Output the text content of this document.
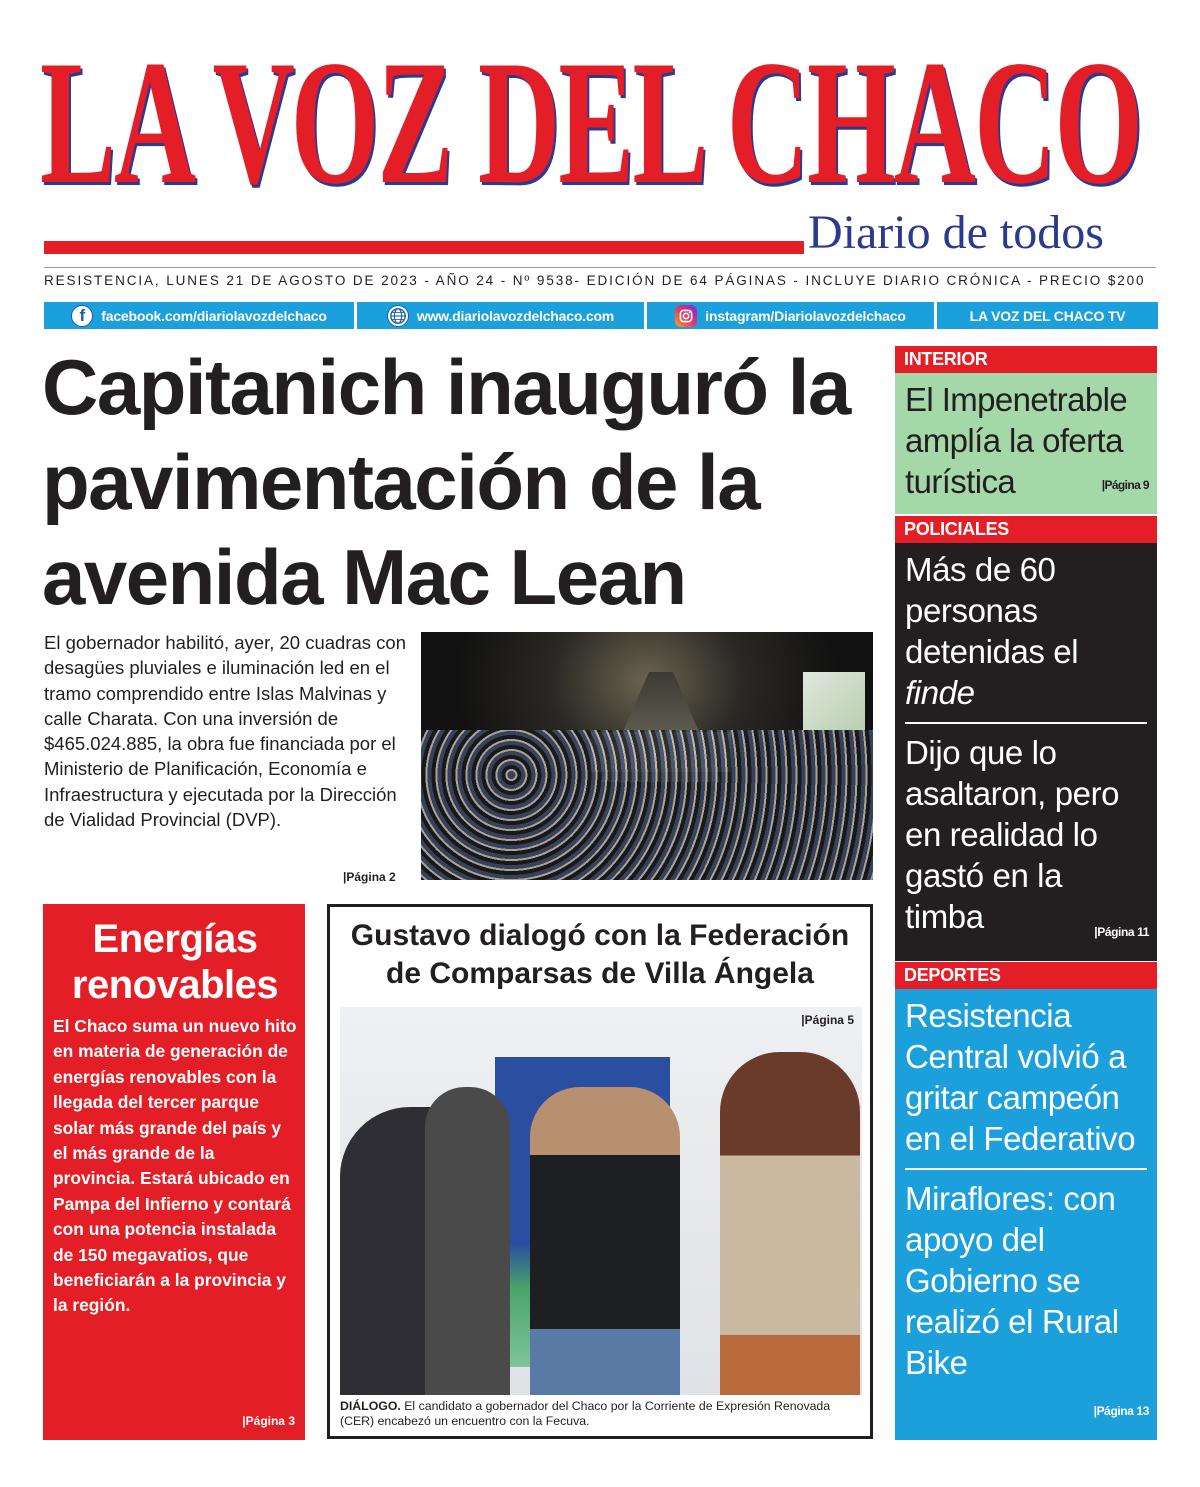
LA VOZ DEL CHACO
Diario de todos
RESISTENCIA, LUNES 21 DE AGOSTO DE 2023 - AÑO 24 - Nº 9538- EDICIÓN DE 64 PÁGINAS - INCLUYE DIARIO CRÓNICA - PRECIO $200
f	facebook.com/diariolavozdelchaco	www.diariolavozdelchaco.com	instagram/Diariolavozdelchaco	LA VOZ DEL CHACO TV
Capitanich inauguró la pavimentación de la avenida Mac Lean

El gobernador habilitó, ayer, 20 cuadras con desagües pluviales e iluminación led en el tramo comprendido entre Islas Malvinas y calle Charata. Con una inversión de $465.024.885, la obra fue financiada por el Ministerio de Planificación, Economía e Infraestructura y ejecutada por la Dirección de Vialidad Provincial (DVP).

|Página 2
Energías renovables

El Chaco suma un nuevo hito en materia de generación de energías renovables con la llegada del tercer parque solar más grande del país y el más grande de la provincia. Estará ubicado en Pampa del Infierno y contará con una potencia instalada de 150 megavatios, que beneficiarán a la provincia y la región.

|Página 3
Gustavo dialogó con la Federación de Comparsas de Villa Ángela
|Página 5

DIÁLOGO. El candidato a gobernador del Chaco por la Corriente de Expresión Renovada (CER) encabezó un encuentro con la Fecuva.

INTERIOR
El Impenetrable amplía la oferta turística	|Página 9
POLICIALES
Más de 60 personas detenidas el finde
Dijo que lo asaltaron, pero en realidad lo gastó en la timba	|Página 11
DEPORTES
Resistencia Central volvió a gritar campeón en el Federativo
Miraflores: con apoyo del Gobierno se realizó el Rural Bike
|Página 13
